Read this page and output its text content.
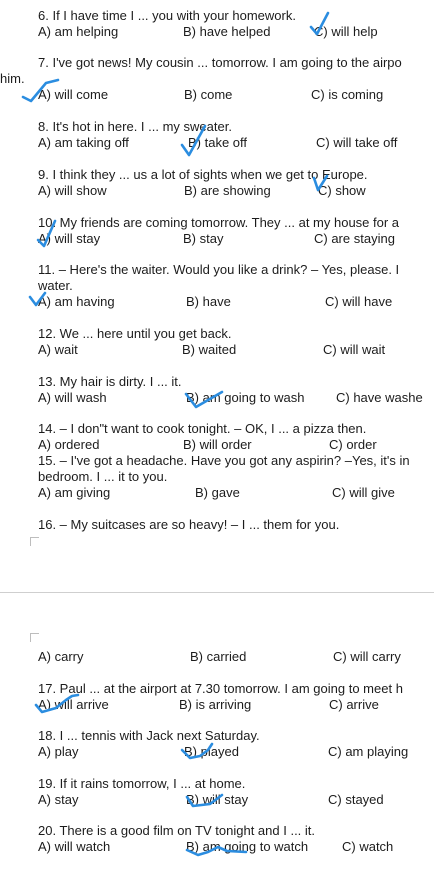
6. If I have time I ... you with your homework.
A) am helping	B) have helped	C) will help
7. I've got news! My cousin ... tomorrow. I am going to the airpo
him.
A) will come	B) come	C) is coming
8. It's hot in here. I ... my sweater.
A) am taking off	B) take off	C) will take off
9. I think they ... us a lot of sights when we get to Europe.
A) will show	B) are showing	C) show
10. My friends are coming tomorrow. They ... at my house for a
A) will stay	B) stay	C) are staying
11. – Here's the waiter. Would you like a drink? – Yes, please. I
water.
A) am having	B) have	C) will have
12. We ... here until you get back.
A) wait	B) waited	C) will wait
13. My hair is dirty. I ... it.
A) will wash	B) am going to wash C) have washe
14. – I don"t want to cook tonight. – OK, I ... a pizza then.
A) ordered	B) will order	C) order
15. – I've got a headache. Have you got any aspirin? –Yes, it's in
bedroom. I ... it to you.
A) am giving	B) gave	C) will give
16. – My suitcases are so heavy! – I ... them for you.
A) carry	B) carried	C) will carry
17. Paul ... at the airport at 7.30 tomorrow. I am going to meet h
A) will arrive	B) is arriving	C) arrive
18. I ... tennis with Jack next Saturday.
A) play	B) played	C) am playing
19. If it rains tomorrow, I ... at home.
A) stay	B) will stay	C) stayed
20. There is a good film on TV tonight and I ... it.
A) will watch	B) am going to watch	C) watch
